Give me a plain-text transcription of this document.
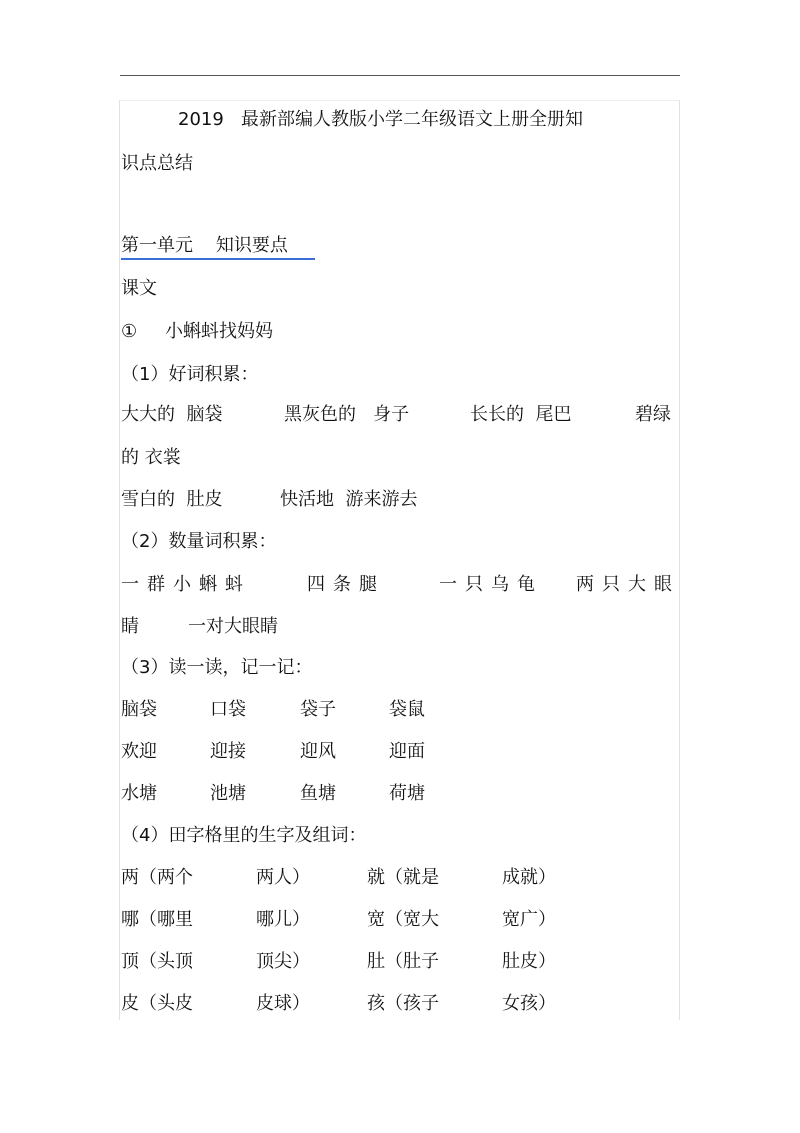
2019   最新部编人教版小学二年级语文上册全册知
识点总结
第一单元    知识要点
课文
① 小蝌蚪找妈妈
（1）好词积累：
大大的  脑袋	黑灰色的   身子	长长的  尾巴	碧绿
的 衣裳
雪白的  肚皮	快活地  游来游去
（2）数量词积累：
一群小蝌蚪	四条腿	一只乌龟 两只大眼
睛	一对大眼睛
（3）读一读，记一记：
脑袋	口袋	袋子	袋鼠
欢迎	迎接	迎风	迎面
水塘	池塘	鱼塘	荷塘
（4）田字格里的生字及组词：
两（两个	两人）	就（就是	成就）
哪（哪里	哪儿）	宽（宽大	宽广）
顶（头顶	顶尖）	肚（肚子	肚皮）
皮（头皮	皮球）	孩（孩子	女孩）
